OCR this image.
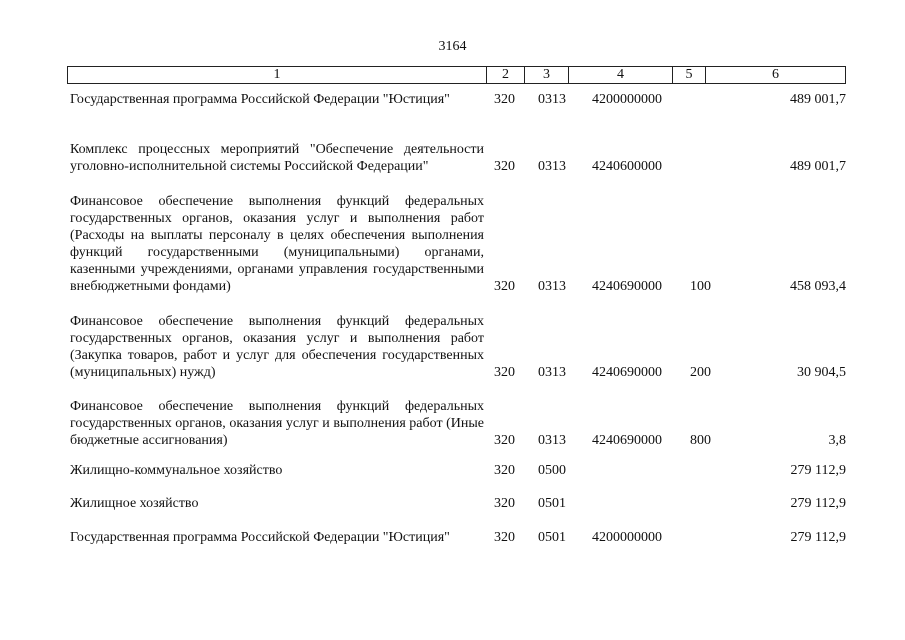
3164
1	2	3	4	5	6
Государственная программа Российской Федерации "Юстиция"	320 0313 4200000000	489 001,7
Комплекс процессных мероприятий "Обеспечение деятельности уголовно-исполнительной системы Российской Федерации"	320 0313 4240600000	489 001,7
Финансовое обеспечение выполнения функций федеральных государственных органов, оказания услуг и выполнения работ (Расходы на выплаты персоналу в целях обеспечения выполнения функций государственными (муниципальными) органами, казенными учреждениями, органами управления государственными внебюджетными фондами)	320 0313 4240690000 100	458 093,4
Финансовое обеспечение выполнения функций федеральных государственных органов, оказания услуг и выполнения работ (Закупка товаров, работ и услуг для обеспечения государственных (муниципальных) нужд)	320 0313 4240690000 200	30 904,5
Финансовое обеспечение выполнения функций федеральных государственных органов, оказания услуг и выполнения работ (Иные бюджетные ассигнования)	320 0313 4240690000 800	3,8
Жилищно-коммунальное хозяйство	320 0500	279 112,9
Жилищное хозяйство	320 0501	279 112,9
Государственная программа Российской Федерации "Юстиция"	320 0501 4200000000	279 112,9
